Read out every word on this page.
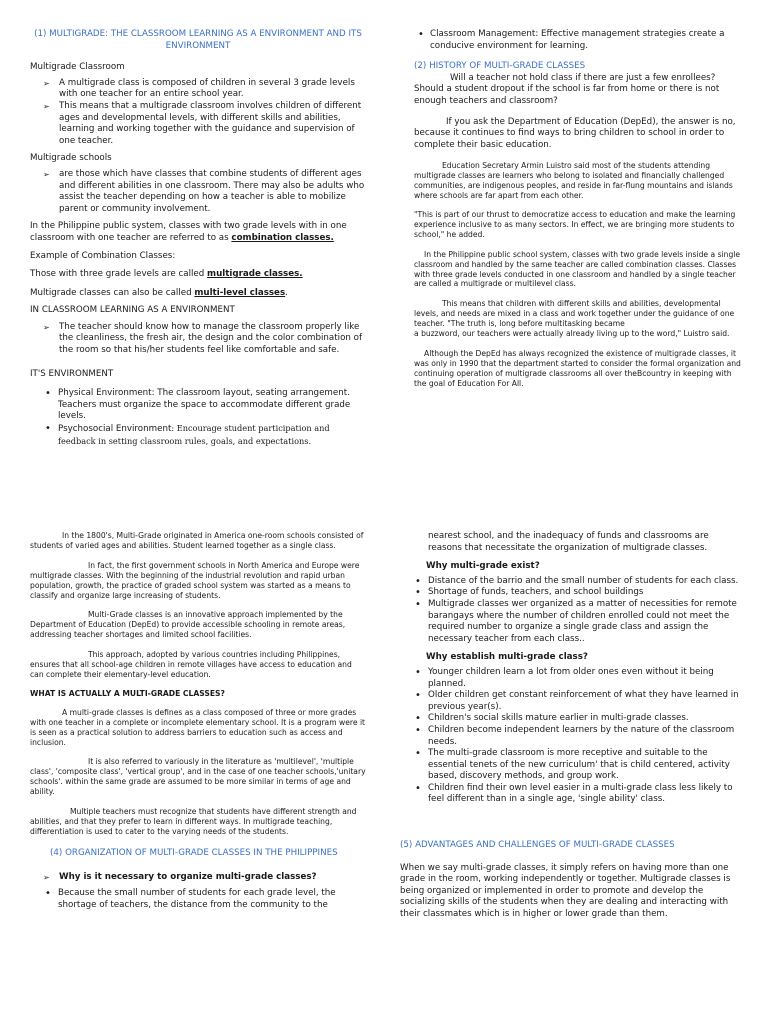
(1) MULTIGRADE: THE CLASSROOM LEARNING AS A ENVIRONMENT AND ITS ENVIRONMENT

Multigrade Classroom

➢ A multigrade class is composed of children in several 3 grade levels with one teacher for an entire school year.
➢ This means that a multigrade classroom involves children of different ages and developmental levels, with different skills and abilities, learning and working together with the guidance and supervision of one teacher.

Multigrade schools

➢ are those which have classes that combine students of different ages and different abilities in one classroom. There may also be adults who assist the teacher depending on how a teacher is able to mobilize parent or community involvement.

In the Philippine public system, classes with two grade levels with in one classroom with one teacher are referred to as combination classes.

Example of Combination Classes:

Those with three grade levels are called multigrade classes.

Multigrade classes can also be called multi-level classes.

IN CLASSROOM LEARNING AS A ENVIRONMENT

➢ The teacher should know how to manage the classroom properly like the cleanliness, the fresh air, the design and the color combination of the room so that his/her students feel like comfortable and safe.

IT'S ENVIRONMENT

• Physical Environment: The classroom layout, seating arrangement. Teachers must organize the space to accommodate different grade levels.
• Psychosocial Environment: Encourage student participation and feedback in setting classroom rules, goals, and expectations.
• Classroom Management: Effective management strategies create a conducive environment for learning.

(2) HISTORY OF MULTI-GRADE CLASSES

Will a teacher not hold class if there are just a few enrollees? Should a student dropout if the school is far from home or there is not enough teachers and classroom?

If you ask the Department of Education (DepEd), the answer is no, because it continues to find ways to bring children to school in order to complete their basic education.

Education Secretary Armin Luistro said most of the students attending multigrade classes are learners who belong to isolated and financially challenged communities, are indigenous peoples, and reside in far-flung mountains and islands where schools are far apart from each other.

"This is part of our thrust to democratize access to education and make the learning experience inclusive to as many sectors. In effect, we are bringing more students to school," he added.

In the Philippine public school system, classes with two grade levels inside a single classroom and handled by the same teacher are called combination classes. Classes with three grade levels conducted in one classroom and handled by a single teacher are called a multigrade or multilevel class.

This means that children with different skills and abilities, developmental levels, and needs are mixed in a class and work together under the guidance of one teacher. "The truth is, long before multitasking became

a buzzword, our teachers were actually already living up to the word," Luistro said.

Although the DepEd has always recognized the existence of multigrade classes, it was only in 1990 that the department started to consider the formal organization and continuing operation of multigrade classrooms all over theBcountry in keeping with the goal of Education For All.

In the 1800's, Multi-Grade originated in America one-room schools consisted of students of varied ages and abilities. Student learned together as a single class.

In fact, the first government schools in North America and Europe were multigrade classes. With the beginning of the industrial revolution and rapid urban population, growth, the practice of graded school system was started as a means to classify and organize large increasing of students.

Multi-Grade classes is an innovative approach implemented by the Department of Education (DepEd) to provide accessible schooling in remote areas, addressing teacher shortages and limited school facilities.

This approach, adopted by various countries including Philippines, ensures that all school-age children in remote villages have access to education and can complete their elementary-level education.

WHAT IS ACTUALLY A MULTI-GRADE CLASSES?

A multi-grade classes is defines as a class composed of three or more grades with one teacher in a complete or incomplete elementary school. It is a program were it is seen as a practical solution to address barriers to education such as access and inclusion.

It is also referred to variously in the literature as 'multilevel', 'multiple class', 'composite class', 'vertical group', and in the case of one teacher schools,'unitary schools'. within the same grade are assumed to be more similar in terms of age and ability.

Multiple teachers must recognize that students have different strength and abilities, and that they prefer to learn in different ways. In multigrade teaching, differentiation is used to cater to the varying needs of the students.

(4) ORGANIZATION OF MULTI-GRADE CLASSES IN THE PHILIPPINES

➢ Why is it necessary to organize multi-grade classes?
• Because the small number of students for each grade level, the shortage of teachers, the distance from the community to the

nearest school, and the inadequacy of funds and classrooms are reasons that necessitate the organization of multigrade classes.

Why multi-grade exist?

• Distance of the barrio and the small number of students for each class.
• Shortage of funds, teachers, and school buildings
• Multigrade classes wer organized as a matter of necessities for remote barangays where the number of children enrolled could not meet the required number to organize a single grade class and assign the necessary teacher from each class..

Why establish multi-grade class?

• Younger children learn a lot from older ones even without it being planned.
• Older children get constant reinforcement of what they have learned in previous year(s).
• Children's social skills mature earlier in multi-grade classes.
• Children become independent learners by the nature of the classroom needs.
• The multi-grade classroom is more receptive and suitable to the essential tenets of the new curriculum' that is child centered, activity based, discovery methods, and group work.
• Children find their own level easier in a multi-grade class less likely to feel different than in a single age, 'single ability' class.

(5) ADVANTAGES AND CHALLENGES OF MULTI-GRADE CLASSES

When we say multi-grade classes, it simply refers on having more than one grade in the room, working independently or together. Multigrade classes is being organized or implemented in order to promote and develop the socializing skills of the students when they are dealing and interacting with their classmates which is in higher or lower grade than them.
